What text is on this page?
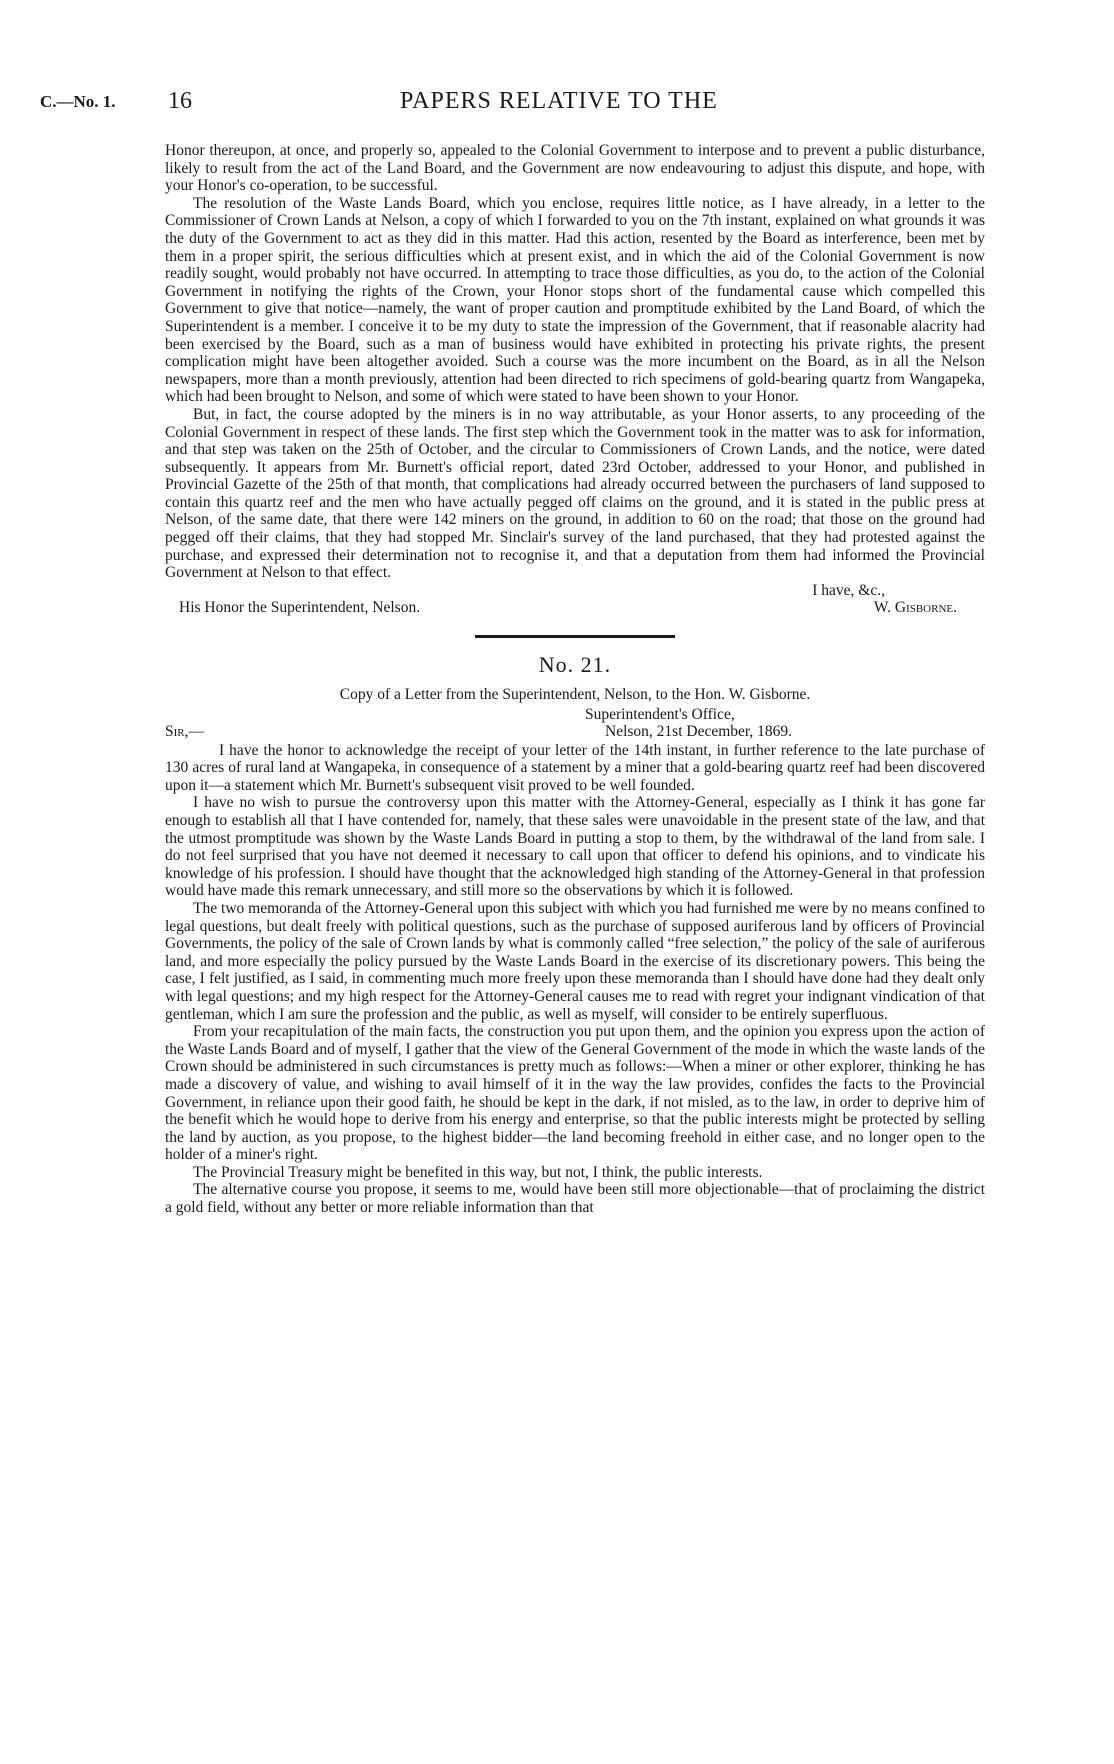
C.—No. 1. 16	PAPERS RELATIVE TO THE

Honor thereupon, at once, and properly so, appealed to the Colonial Government to interpose and to prevent a public disturbance, likely to result from the act of the Land Board, and the Government are now endeavouring to adjust this dispute, and hope, with your Honor's co-operation, to be successful.

The resolution of the Waste Lands Board, which you enclose, requires little notice, as I have already, in a letter to the Commissioner of Crown Lands at Nelson, a copy of which I forwarded to you on the 7th instant, explained on what grounds it was the duty of the Government to act as they did in this matter. Had this action, resented by the Board as interference, been met by them in a proper spirit, the serious difficulties which at present exist, and in which the aid of the Colonial Government is now readily sought, would probably not have occurred. In attempting to trace those difficulties, as you do, to the action of the Colonial Government in notifying the rights of the Crown, your Honor stops short of the fundamental cause which compelled this Government to give that notice—namely, the want of proper caution and promptitude exhibited by the Land Board, of which the Superintendent is a member. I conceive it to be my duty to state the impression of the Government, that if reasonable alacrity had been exercised by the Board, such as a man of business would have exhibited in protecting his private rights, the present complication might have been altogether avoided. Such a course was the more incumbent on the Board, as in all the Nelson newspapers, more than a month previously, attention had been directed to rich specimens of gold-bearing quartz from Wangapeka, which had been brought to Nelson, and some of which were stated to have been shown to your Honor.

But, in fact, the course adopted by the miners is in no way attributable, as your Honor asserts, to any proceeding of the Colonial Government in respect of these lands. The first step which the Government took in the matter was to ask for information, and that step was taken on the 25th of October, and the circular to Commissioners of Crown Lands, and the notice, were dated subsequently. It appears from Mr. Burnett's official report, dated 23rd October, addressed to your Honor, and published in Provincial Gazette of the 25th of that month, that complications had already occurred between the purchasers of land supposed to contain this quartz reef and the men who have actually pegged off claims on the ground, and it is stated in the public press at Nelson, of the same date, that there were 142 miners on the ground, in addition to 60 on the road; that those on the ground had pegged off their claims, that they had stopped Mr. Sinclair's survey of the land purchased, that they had protested against the purchase, and expressed their determination not to recognise it, and that a deputation from them had informed the Provincial Government at Nelson to that effect.

I have, &c.,

His Honor the Superintendent, Nelson.	W. Gisborne.
No. 21.

Copy of a Letter from the Superintendent, Nelson, to the Hon. W. Gisborne.

Superintendent's Office,
Sir,—	Nelson, 21st December, 1869.

I have the honor to acknowledge the receipt of your letter of the 14th instant, in further reference to the late purchase of 130 acres of rural land at Wangapeka, in consequence of a statement by a miner that a gold-bearing quartz reef had been discovered upon it—a statement which Mr. Burnett's subsequent visit proved to be well founded.

I have no wish to pursue the controversy upon this matter with the Attorney-General, especially as I think it has gone far enough to establish all that I have contended for, namely, that these sales were unavoidable in the present state of the law, and that the utmost promptitude was shown by the Waste Lands Board in putting a stop to them, by the withdrawal of the land from sale. I do not feel surprised that you have not deemed it necessary to call upon that officer to defend his opinions, and to vindicate his knowledge of his profession. I should have thought that the acknowledged high standing of the Attorney-General in that profession would have made this remark unnecessary, and still more so the observations by which it is followed.

The two memoranda of the Attorney-General upon this subject with which you had furnished me were by no means confined to legal questions, but dealt freely with political questions, such as the purchase of supposed auriferous land by officers of Provincial Governments, the policy of the sale of Crown lands by what is commonly called “free selection,” the policy of the sale of auriferous land, and more especially the policy pursued by the Waste Lands Board in the exercise of its discretionary powers. This being the case, I felt justified, as I said, in commenting much more freely upon these memoranda than I should have done had they dealt only with legal questions; and my high respect for the Attorney-General causes me to read with regret your indignant vindication of that gentleman, which I am sure the profession and the public, as well as myself, will consider to be entirely superfluous.

From your recapitulation of the main facts, the construction you put upon them, and the opinion you express upon the action of the Waste Lands Board and of myself, I gather that the view of the General Government of the mode in which the waste lands of the Crown should be administered in such circumstances is pretty much as follows:—When a miner or other explorer, thinking he has made a discovery of value, and wishing to avail himself of it in the way the law provides, confides the facts to the Provincial Government, in reliance upon their good faith, he should be kept in the dark, if not misled, as to the law, in order to deprive him of the benefit which he would hope to derive from his energy and enterprise, so that the public interests might be protected by selling the land by auction, as you propose, to the highest bidder—the land becoming freehold in either case, and no longer open to the holder of a miner's right.

The Provincial Treasury might be benefited in this way, but not, I think, the public interests.

The alternative course you propose, it seems to me, would have been still more objectionable—that of proclaiming the district a gold field, without any better or more reliable information than that
